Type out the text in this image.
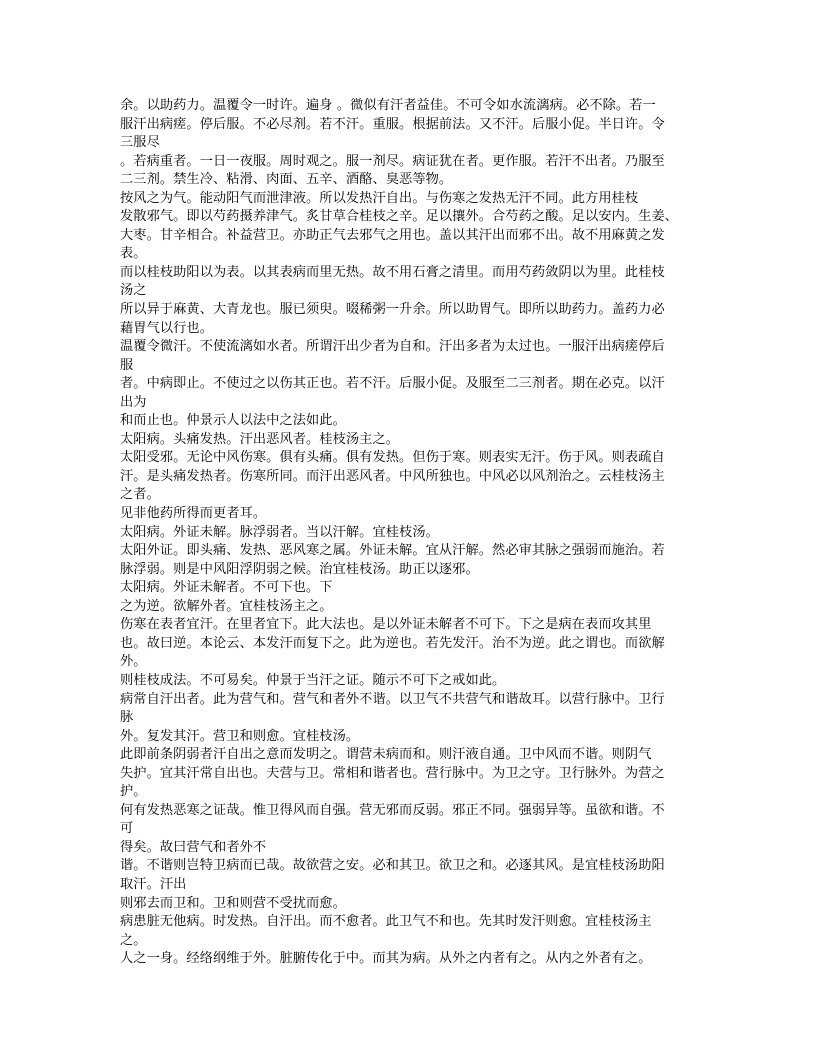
余。以助药力。温覆令一时许。遍身 。微似有汗者益佳。不可令如水流漓病。必不除。若一
服汗出病瘥。停后服。不必尽剂。若不汗。重服。根据前法。又不汗。后服小促。半日许。令
三服尽
。若病重者。一日一夜服。周时观之。服一剂尽。病证犹在者。更作服。若汗不出者。乃服至
二三剂。禁生冷、粘滑、肉面、五辛、酒酪、臭恶等物。
按风之为气。能动阳气而泄津液。所以发热汗自出。与伤寒之发热无汗不同。此方用桂枝
发散邪气。即以芍药摄养津气。炙甘草合桂枝之辛。足以攘外。合芍药之酸。足以安内。生姜、
大枣。甘辛相合。补益营卫。亦助正气去邪气之用也。盖以其汗出而邪不出。故不用麻黄之发
表。
而以桂枝助阳以为表。以其表病而里无热。故不用石膏之清里。而用芍药敛阴以为里。此桂枝
汤之
所以异于麻黄、大青龙也。服已须臾。啜稀粥一升余。所以助胃气。即所以助药力。盖药力必
藉胃气以行也。
温覆令微汗。不使流漓如水者。所谓汗出少者为自和。汗出多者为太过也。一服汗出病瘥停后
服
者。中病即止。不使过之以伤其正也。若不汗。后服小促。及服至二三剂者。期在必克。以汗
出为
和而止也。仲景示人以法中之法如此。
太阳病。头痛发热。汗出恶风者。桂枝汤主之。
太阳受邪。无论中风伤寒。俱有头痛。俱有发热。但伤于寒。则表实无汗。伤于风。则表疏自
汗。是头痛发热者。伤寒所同。而汗出恶风者。中风所独也。中风必以风剂治之。云桂枝汤主
之者。
见非他药所得而更者耳。
太阳病。外证未解。脉浮弱者。当以汗解。宜桂枝汤。
太阳外证。即头痛、发热、恶风寒之属。外证未解。宜从汗解。然必审其脉之强弱而施治。若
脉浮弱。则是中风阳浮阴弱之候。治宜桂枝汤。助正以逐邪。
太阳病。外证未解者。不可下也。下
之为逆。欲解外者。宜桂枝汤主之。
伤寒在表者宜汗。在里者宜下。此大法也。是以外证未解者不可下。下之是病在表而攻其里
也。故曰逆。本论云、本发汗而复下之。此为逆也。若先发汗。治不为逆。此之谓也。而欲解
外。
则桂枝成法。不可易矣。仲景于当汗之证。随示不可下之戒如此。
病常自汗出者。此为营气和。营气和者外不谐。以卫气不共营气和谐故耳。以营行脉中。卫行
脉
外。复发其汗。营卫和则愈。宜桂枝汤。
此即前条阴弱者汗自出之意而发明之。谓营未病而和。则汗液自通。卫中风而不谐。则阴气
失护。宜其汗常自出也。夫营与卫。常相和谐者也。营行脉中。为卫之守。卫行脉外。为营之
护。
何有发热恶寒之证哉。惟卫得风而自强。营无邪而反弱。邪正不同。强弱异等。虽欲和谐。不
可
得矣。故曰营气和者外不
谐。不谐则岂特卫病而已哉。故欲营之安。必和其卫。欲卫之和。必逐其风。是宜桂枝汤助阳
取汗。汗出
则邪去而卫和。卫和则营不受扰而愈。
病患脏无他病。时发热。自汗出。而不愈者。此卫气不和也。先其时发汗则愈。宜桂枝汤主
之。
人之一身。经络纲维于外。脏腑传化于中。而其为病。从外之内者有之。从内之外者有之。
